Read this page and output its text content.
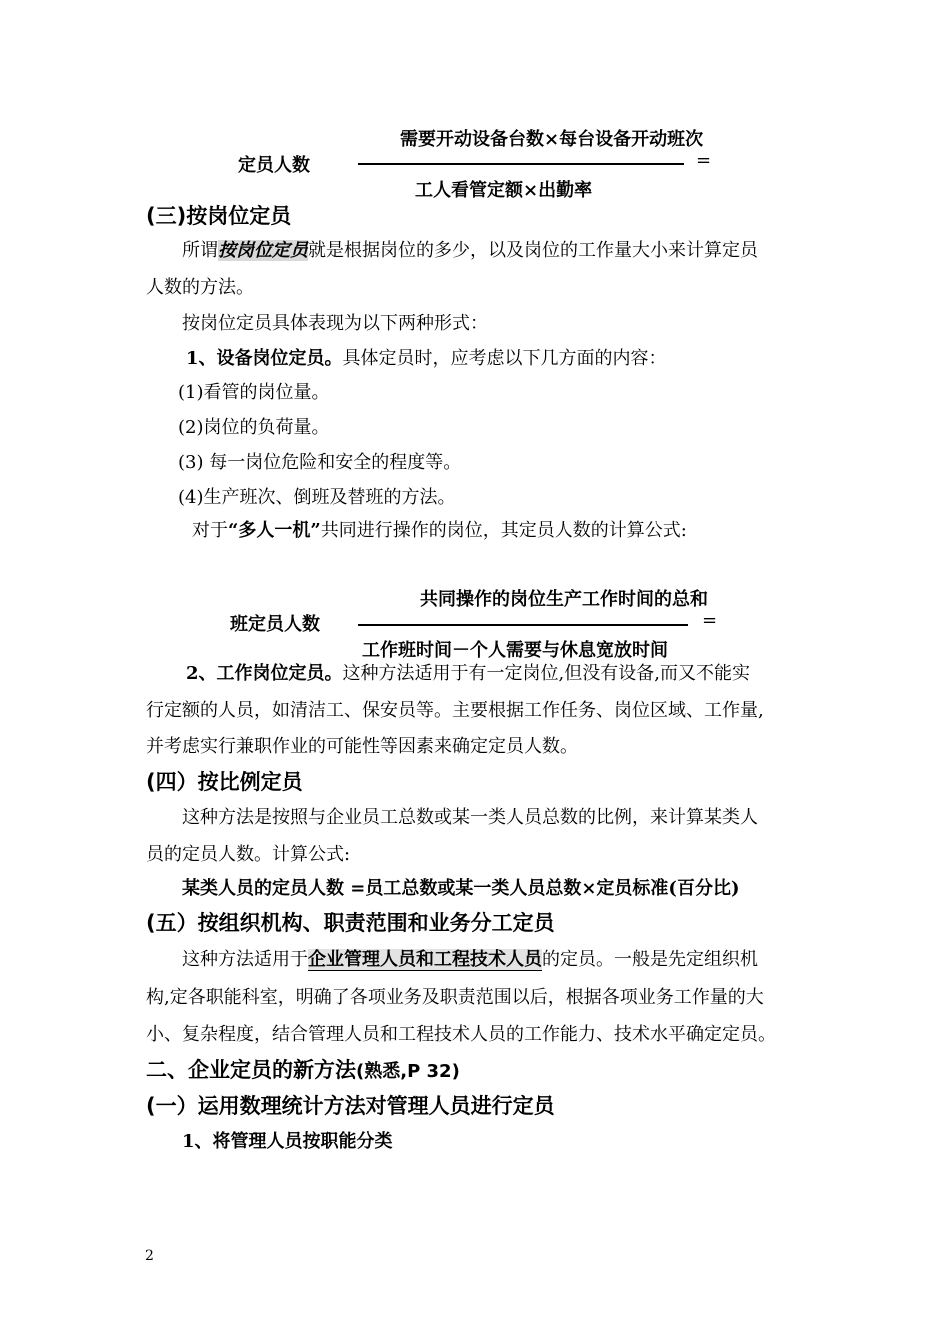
需要开动设备台数×每台设备开动班次
定员人数	=
工人看管定额×出勤率
(三)按岗位定员
所谓按岗位定员就是根据岗位的多少，以及岗位的工作量大小来计算定员
人数的方法。
按岗位定员具体表现为以下两种形式：
1、设备岗位定员。具体定员时，应考虑以下几方面的内容：
(1)看管的岗位量。
(2)岗位的负荷量。
(3) 每一岗位危险和安全的程度等。
(4)生产班次、倒班及替班的方法。
对于“多人一机”共同进行操作的岗位，其定员人数的计算公式:
共同操作的岗位生产工作时间的总和
班定员人数	=
工作班时间－个人需要与休息宽放时间
2、工作岗位定员。这种方法适用于有一定岗位,但没有设备,而又不能实
行定额的人员，如清洁工、保安员等。主要根据工作任务、岗位区域、工作量,
并考虑实行兼职作业的可能性等因素来确定定员人数。
(四）按比例定员
这种方法是按照与企业员工总数或某一类人员总数的比例，来计算某类人
员的定员人数。计算公式:
某类人员的定员人数 =员工总数或某一类人员总数×定员标准(百分比)
(五）按组织机构、职责范围和业务分工定员
这种方法适用于企业管理人员和工程技术人员的定员。一般是先定组织机
构,定各职能科室，明确了各项业务及职责范围以后，根据各项业务工作量的大
小、复杂程度，结合管理人员和工程技术人员的工作能力、技术水平确定定员。
二、企业定员的新方法(熟悉,P 32)
(一）运用数理统计方法对管理人员进行定员
1、将管理人员按职能分类
2
